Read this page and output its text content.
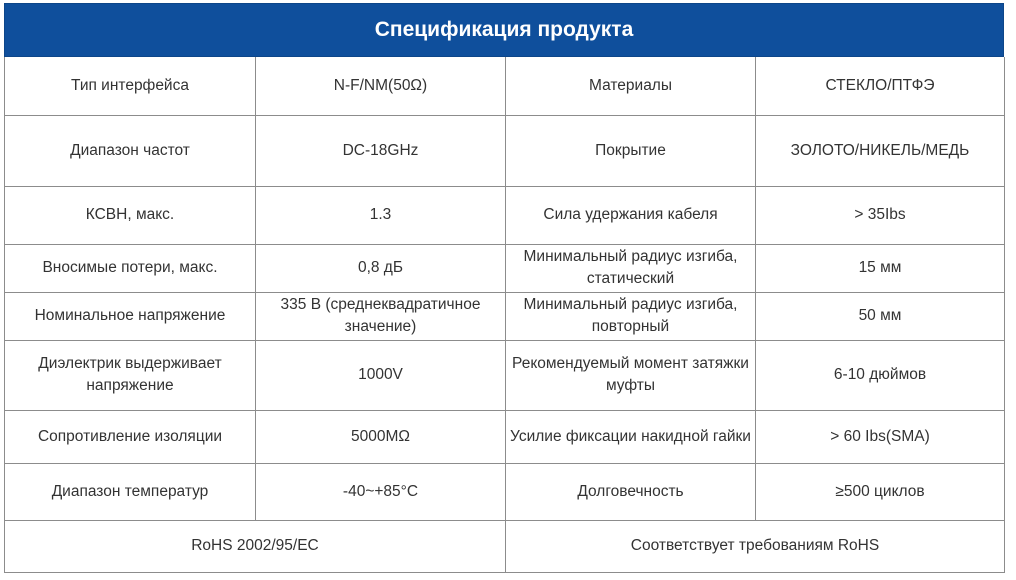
Спецификация продукта
Тип интерфейса	N-F/NM(50Ω)	Материалы	СТЕКЛО/ПТФЭ
Диапазон частот	DC-18GHz	Покрытие	ЗОЛОТО/НИКЕЛЬ/МЕДЬ
КСВН, макс.	1.3	Сила удержания кабеля	> 35Ibs
Вносимые потери, макс.	0,8 дБ	Минимальный радиус изгиба, статический	15 мм
Номинальное напряжение	335 В (среднеквадратичное значение)	Минимальный радиус изгиба, повторный	50 мм
Диэлектрик выдерживает напряжение	1000V	Рекомендуемый момент затяжки муфты	6-10 дюймов
Сопротивление изоляции	5000MΩ	Усилие фиксации накидной гайки	> 60 Ibs(SMA)
Диапазон температур	-40~+85°C	Долговечность	≥500 циклов
RoHS 2002/95/EC		Соответствует требованиям RoHS	
